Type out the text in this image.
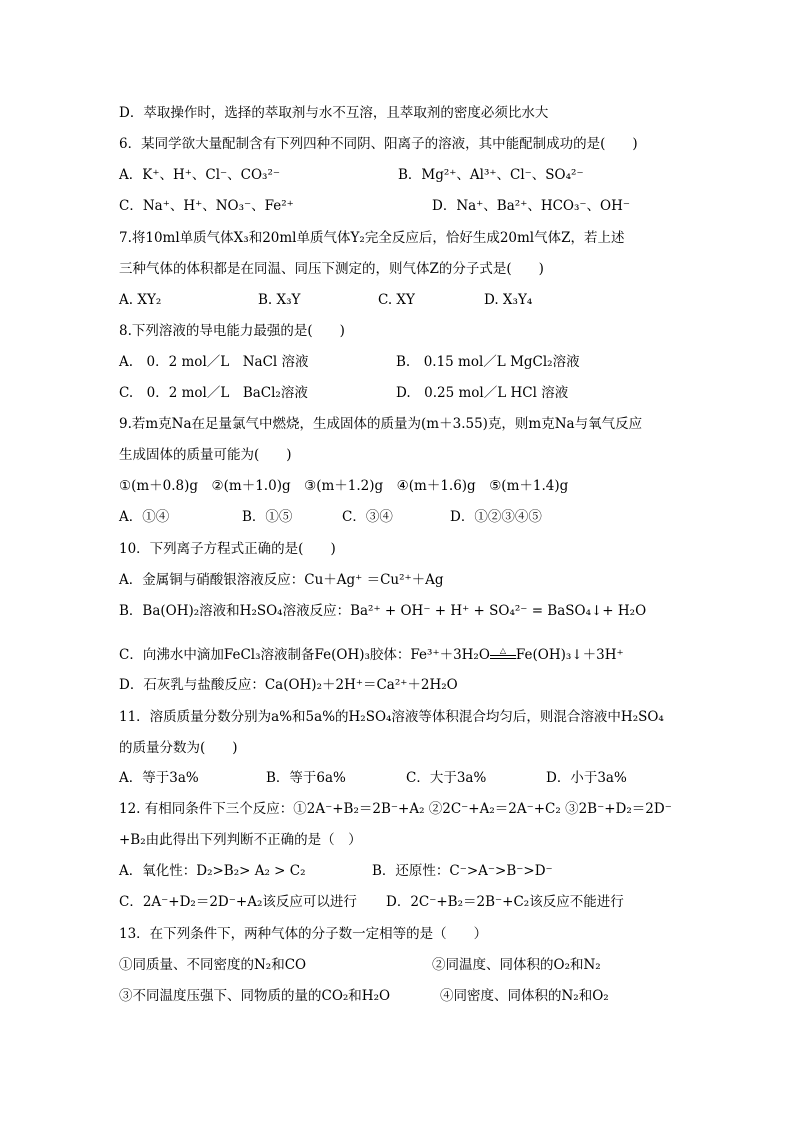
D．萃取操作时，选择的萃取剂与水不互溶，且萃取剂的密度必须比水大
6．某同学欲大量配制含有下列四种不同阴、阳离子的溶液，其中能配制成功的是(　　)
A．K⁺、H⁺、Cl⁻、CO₃²⁻	B．Mg²⁺、Al³⁺、Cl⁻、SO₄²⁻
C．Na⁺、H⁺、NO₃⁻、Fe²⁺	D．Na⁺、Ba²⁺、HCO₃⁻、OH⁻
7.将10ml单质气体X₃和20ml单质气体Y₂完全反应后，恰好生成20ml气体Z，若上述
三种气体的体积都是在同温、同压下测定的，则气体Z的分子式是(　　)
A. XY₂	B. X₃Y	C. XY	D. X₃Y₄
8.下列溶液的导电能力最强的是(　　)
A.　0．2 mol／L　NaCl 溶液	B.　0.15 mol／L MgCl₂溶液
C.　0．2 mol／L　BaCl₂溶液	D.　0.25 mol／L HCl 溶液
9.若m克Na在足量氯气中燃烧，生成固体的质量为(m＋3.55)克，则m克Na与氧气反应
生成固体的质量可能为(　　)
①(m＋0.8)g　②(m＋1.0)g　③(m＋1.2)g　④(m＋1.6)g　⑤(m＋1.4)g
A．①④	B．①⑤	C．③④	D．①②③④⑤
10．下列离子方程式正确的是(　　)
A．金属铜与硝酸银溶液反应：Cu＋Ag⁺ ＝Cu²⁺＋Ag
B．Ba(OH)₂溶液和H₂SO₄溶液反应：Ba²⁺ + OH⁻ + H⁺ + SO₄²⁻ = BaSO₄↓+ H₂O
C．向沸水中滴加FeCl₃溶液制备Fe(OH)₃胶体：Fe³⁺＋3H₂O	△ Fe(OH)₃↓＋3H⁺
D．石灰乳与盐酸反应：Ca(OH)₂＋2H⁺＝Ca²⁺＋2H₂O
11．溶质质量分数分别为a%和5a%的H₂SO₄溶液等体积混合均匀后，则混合溶液中H₂SO₄
的质量分数为(　　)
A．等于3a%	B．等于6a%	C．大于3a%	D．小于3a%
12. 有相同条件下三个反应：①2A⁻+B₂＝2B⁻+A₂ ②2C⁻+A₂＝2A⁻+C₂ ③2B⁻+D₂＝2D⁻
+B₂由此得出下列判断不正确的是（　）
A．氧化性：D₂>B₂> A₂ > C₂	B．还原性：C⁻>A⁻>B⁻>D⁻
C．2A⁻+D₂＝2D⁻+A₂该反应可以进行 D．2C⁻+B₂＝2B⁻+C₂该反应不能进行
13．在下列条件下，两种气体的分子数一定相等的是（　　）
①同质量、不同密度的N₂和CO	②同温度、同体积的O₂和N₂
③不同温度压强下、同物质的量的CO₂和H₂O	④同密度、同体积的N₂和O₂
